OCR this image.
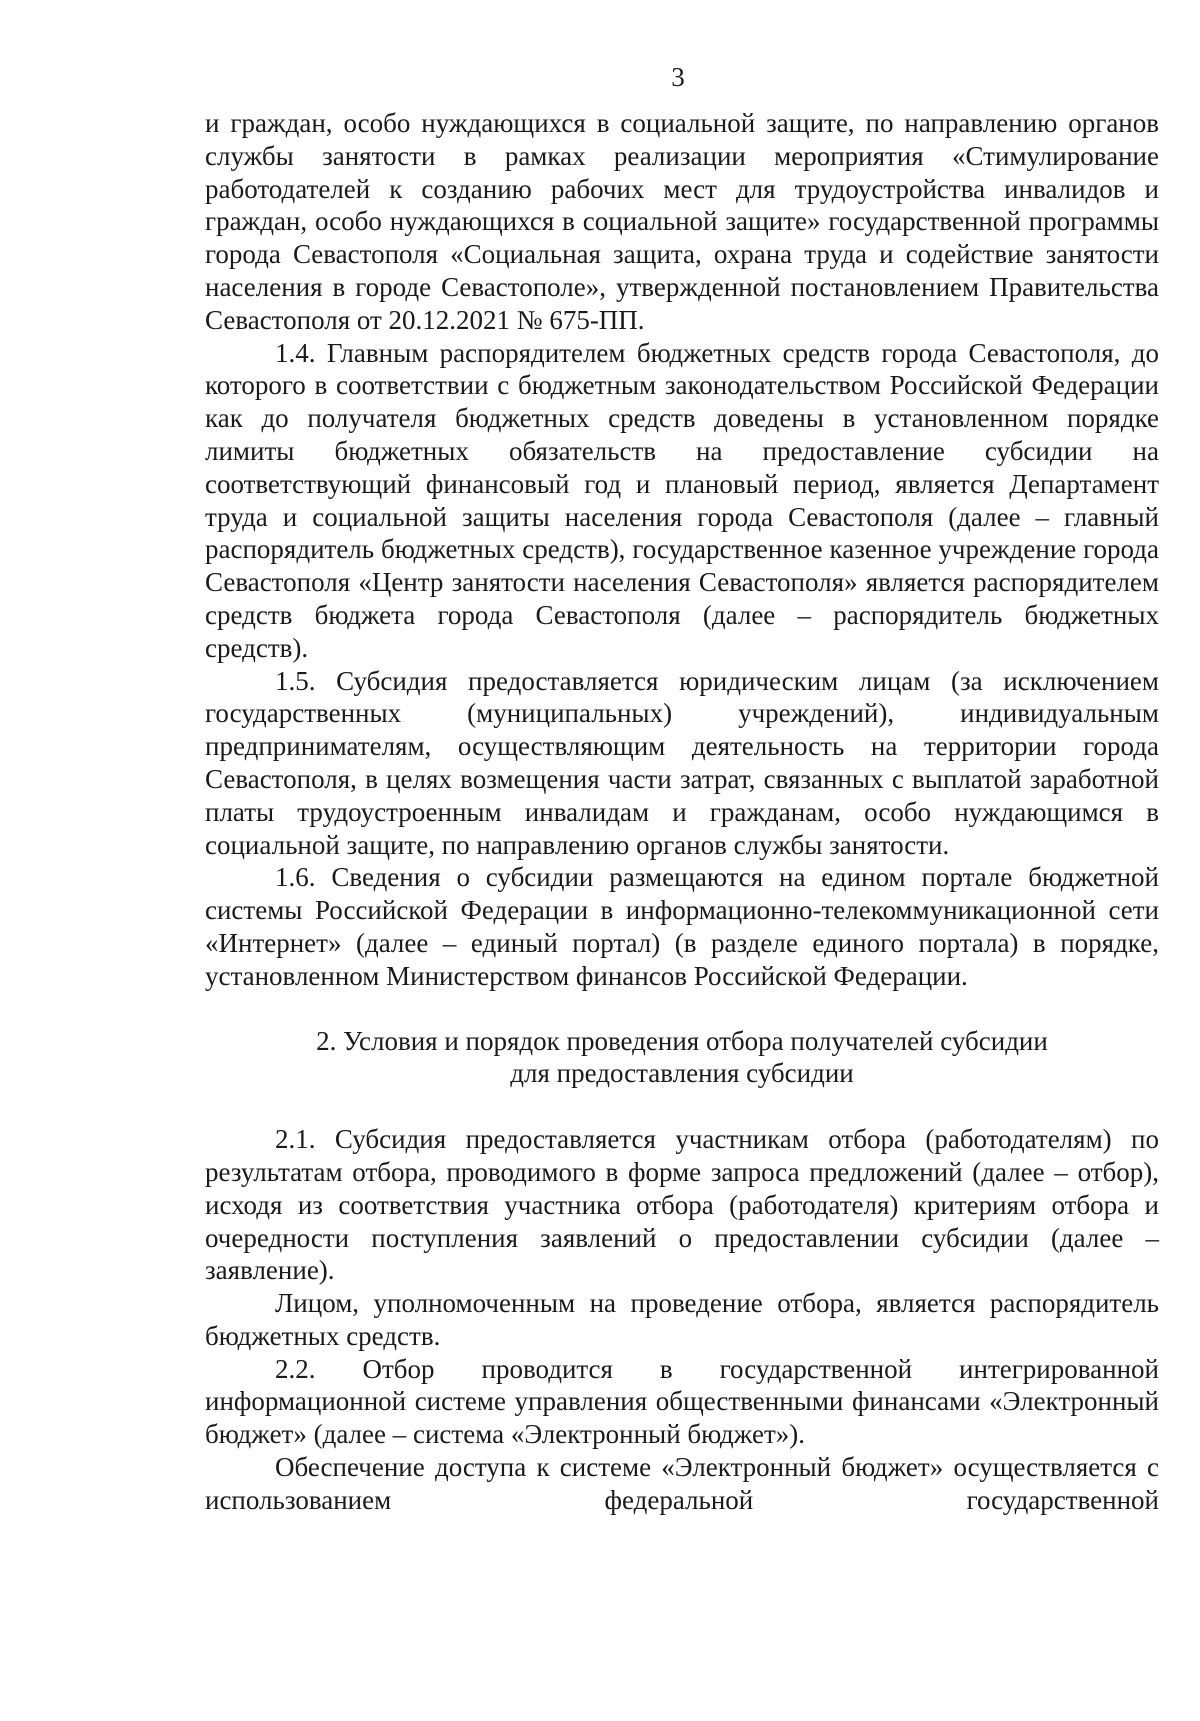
3

и граждан, особо нуждающихся в социальной защите, по направлению органов службы занятости в рамках реализации мероприятия «Стимулирование работодателей к созданию рабочих мест для трудоустройства инвалидов и граждан, особо нуждающихся в социальной защите» государственной программы города Севастополя «Социальная защита, охрана труда и содействие занятости населения в городе Севастополе», утвержденной постановлением Правительства Севастополя от 20.12.2021 № 675-ПП.

1.4. Главным распорядителем бюджетных средств города Севастополя, до которого в соответствии с бюджетным законодательством Российской Федерации как до получателя бюджетных средств доведены в установленном порядке лимиты бюджетных обязательств на предоставление субсидии на соответствующий финансовый год и плановый период, является Департамент труда и социальной защиты населения города Севастополя (далее – главный распорядитель бюджетных средств), государственное казенное учреждение города Севастополя «Центр занятости населения Севастополя» является распорядителем средств бюджета города Севастополя (далее – распорядитель бюджетных средств).

1.5. Субсидия предоставляется юридическим лицам (за исключением государственных (муниципальных) учреждений), индивидуальным предпринимателям, осуществляющим деятельность на территории города Севастополя, в целях возмещения части затрат, связанных с выплатой заработной платы трудоустроенным инвалидам и гражданам, особо нуждающимся в социальной защите, по направлению органов службы занятости.

1.6. Сведения о субсидии размещаются на едином портале бюджетной системы Российской Федерации в информационно-телекоммуникационной сети «Интернет» (далее – единый портал) (в разделе единого портала) в порядке, установленном Министерством финансов Российской Федерации.

2. Условия и порядок проведения отбора получателей субсидии
для предоставления субсидии

2.1. Субсидия предоставляется участникам отбора (работодателям) по результатам отбора, проводимого в форме запроса предложений (далее – отбор), исходя из соответствия участника отбора (работодателя) критериям отбора и очередности поступления заявлений о предоставлении субсидии (далее – заявление).

Лицом, уполномоченным на проведение отбора, является распорядитель бюджетных средств.

2.2. Отбор проводится в государственной интегрированной информационной системе управления общественными финансами «Электронный бюджет» (далее – система «Электронный бюджет»).

Обеспечение доступа к системе «Электронный бюджет» осуществляется с использованием федеральной государственной
